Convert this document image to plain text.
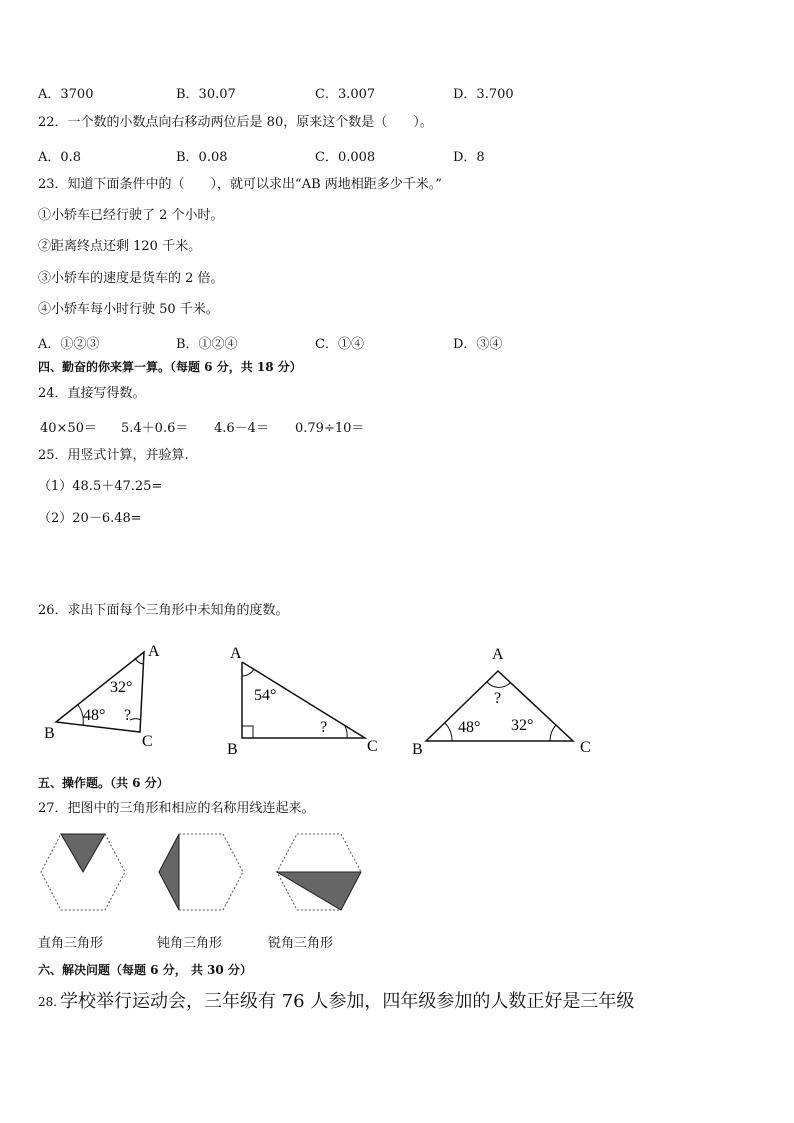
A．3700	B．30.07	C．3.007	D．3.700
22．一个数的小数点向右移动两位后是 80，原来这个数是（　　）。
A．0.8	B．0.08	C．0.008	D．8
23．知道下面条件中的（　　），就可以求出“AB 两地相距多少千米。”
①小轿车已经行驶了 2 个小时。
②距离终点还剩 120 千米。
③小轿车的速度是货车的 2 倍。
④小轿车每小时行驶 50 千米。
A．①②③	B．①②④	C．①④	D．③④
四、勤奋的你来算一算。（每题 6 分，共 18 分）
24．直接写得数。
40×50＝ 5.4＋0.6＝ 4.6－4＝ 0.79÷10＝
25．用竖式计算，并验算.
（1）48.5＋47.25=
（2）20－6.48=
26．求出下面每个三角形中未知角的度数。
A
B	C
32°
48° ?
A
B	C
54°
?
A
B	C
?
48° 32°
五、操作题。（共 6 分）
27．把图中的三角形和相应的名称用线连起来。
直角三角形	钝角三角形	锐角三角形
六、解决问题（每题 6 分， 共 30 分）
28. 学校举行运动会，三年级有 76 人参加，四年级参加的人数正好是三年级
